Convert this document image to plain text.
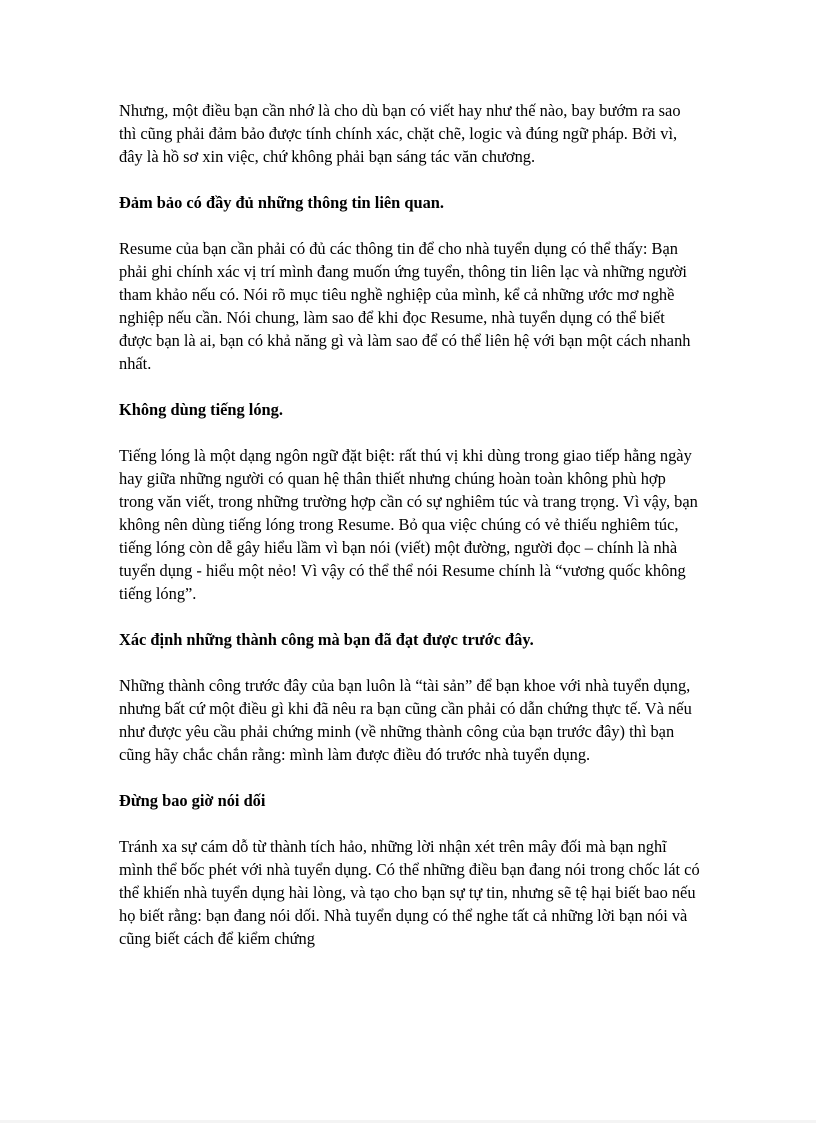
Nhưng, một điều bạn cần nhớ là cho dù bạn có viết hay như thế nào, bay bướm ra sao thì cũng phải đảm bảo được tính chính xác, chặt chẽ, logic và đúng ngữ pháp. Bởi vì, đây là hồ sơ xin việc, chứ không phải bạn sáng tác văn chương.

Đảm bảo có đầy đủ những thông tin liên quan.

Resume của bạn cần phải có đủ các thông tin để cho nhà tuyển dụng có thể thấy: Bạn phải ghi chính xác vị trí mình đang muốn ứng tuyển, thông tin liên lạc và những người tham khảo nếu có. Nói rõ mục tiêu nghề nghiệp của mình, kể cả những ước mơ nghề nghiệp nếu cần. Nói chung, làm sao để khi đọc Resume, nhà tuyển dụng có thể biết được bạn là ai, bạn có khả năng gì và làm sao để có thể liên hệ với bạn một cách nhanh nhất.

Không dùng tiếng lóng.

Tiếng lóng là một dạng ngôn ngữ đặt biệt: rất thú vị khi dùng trong giao tiếp hằng ngày hay giữa những người có quan hệ thân thiết nhưng chúng hoàn toàn không phù hợp trong văn viết, trong những trường hợp cần có sự nghiêm túc và trang trọng. Vì vậy, bạn không nên dùng tiếng lóng trong Resume. Bỏ qua việc chúng có vẻ thiếu nghiêm túc, tiếng lóng còn dễ gây hiểu lầm vì bạn nói (viết) một đường, người đọc – chính là nhà tuyển dụng - hiểu một nẻo! Vì vậy có thể thể nói Resume chính là “vương quốc không tiếng lóng”.

Xác định những thành công mà bạn đã đạt được trước đây.

Những thành công trước đây của bạn luôn là “tài sản” để bạn khoe với nhà tuyển dụng, nhưng bất cứ một điều gì khi đã nêu ra bạn cũng cần phải có dẫn chứng thực tế. Và nếu như được yêu cầu phải chứng minh (về những thành công của bạn trước đây) thì bạn cũng hãy chắc chắn rằng: mình làm được điều đó trước nhà tuyển dụng.

Đừng bao giờ nói dối

Tránh xa sự cám dỗ từ thành tích hảo, những lời nhận xét trên mây đối mà bạn nghĩ mình thể bốc phét với nhà tuyển dụng. Có thể những điều bạn đang nói trong chốc lát có thể khiến nhà tuyển dụng hài lòng, và tạo cho bạn sự tự tin, nhưng sẽ tệ hại biết bao nếu họ biết rằng: bạn đang nói dối. Nhà tuyển dụng có thể nghe tất cả những lời bạn nói và cũng biết cách để kiểm chứng
